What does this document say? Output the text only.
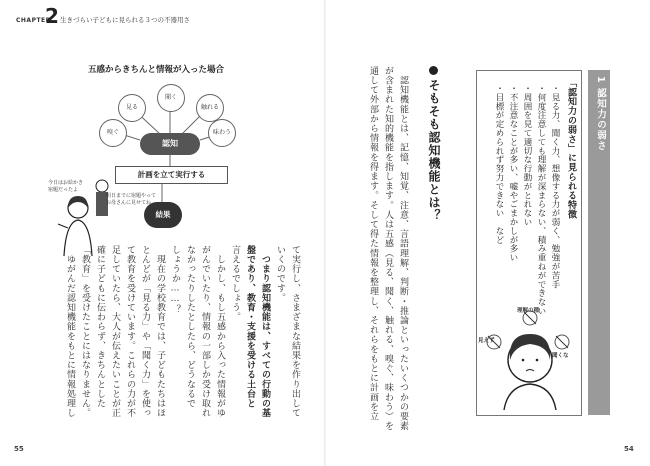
CHAPTER
2 生きづらい子どもに見られる３つの不器用さ
55	54
1 認知力の弱さ
「認知力の弱さ」に見られる特徴
・見る力、聞く力、想像する力が弱く、勉強が苦手
・何度注意しても理解が深まらない、積み重ねができない
・周囲を見て適切な行動がとれない
・不注意なことが多い、嘘やごまかしが多い
・目標が定められず努力できない　など
見えず
理解の種
聞くな
そもそも認知機能とは？
　認知機能とは、記憶、知覚、注意、言語理解、判断・推論といったいくつかの要素
が含まれた知的機能を指します。人は五感（見る、聞く、触れる、嗅ぐ、味わう）を
通して外部から情報を得ます。そして得た情報を整理し、それらをもとに計画を立
五感からきちんと情報が入った場合
見る
聞く
触れる
嗅ぐ	味わう
認知
計画を立て実行する
結果
今日はお絵かき
宿題だったよ
明日までに宿題やって
お母さんに見せてね
て実行し、さまざまな結果を作り出して
いくのです。
　つまり認知機能は、すべての行動の基
盤であり、教育・支援を受ける土台と
言えるでしょう。
　しかし、もし五感から入った情報がゆ
がんでいたり、情報の一部しか受け取れ
なかったりしたとしたら、どうなるで
しょうか……？
　現在の学校教育では、子どもたちはほ
とんどが「見る力」や「聞く力」を使っ
て教育を受けています。これらの力が不
足していたら、大人が伝えたいことが正
確に子どもに伝わらず、きちんとした
「教育」を受けたことにはなりません。
　ゆがんだ認知機能をもとに情報処理し
